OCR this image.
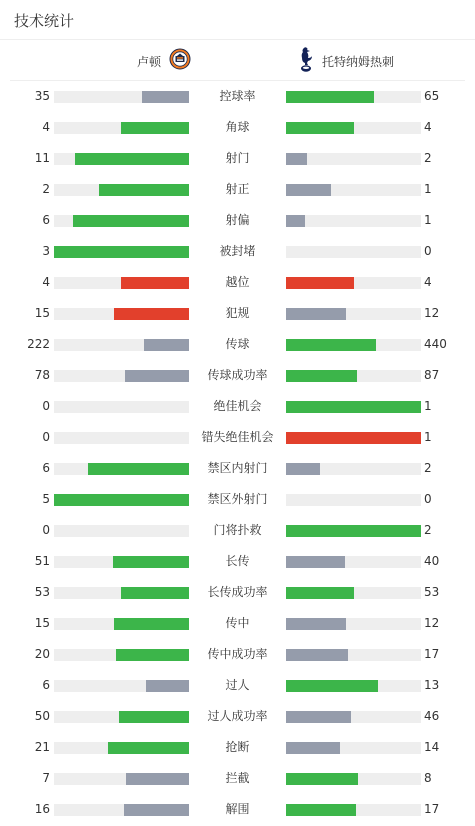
技术统计
卢顿	托特纳姆热刺
35	控球率	65
4	角球	4
11	射门	2
2	射正	1
6	射偏	1
3	被封堵	0
4	越位	4
15	犯规	12
222	传球	440
78	传球成功率	87
0	绝佳机会	1
0	错失绝佳机会	1
6	禁区内射门	2
5	禁区外射门	0
0	门将扑救	2
51	长传	40
53	长传成功率	53
15	传中	12
20	传中成功率	17
6	过人	13
50	过人成功率	46
21	抢断	14
7	拦截	8
16	解围	17
